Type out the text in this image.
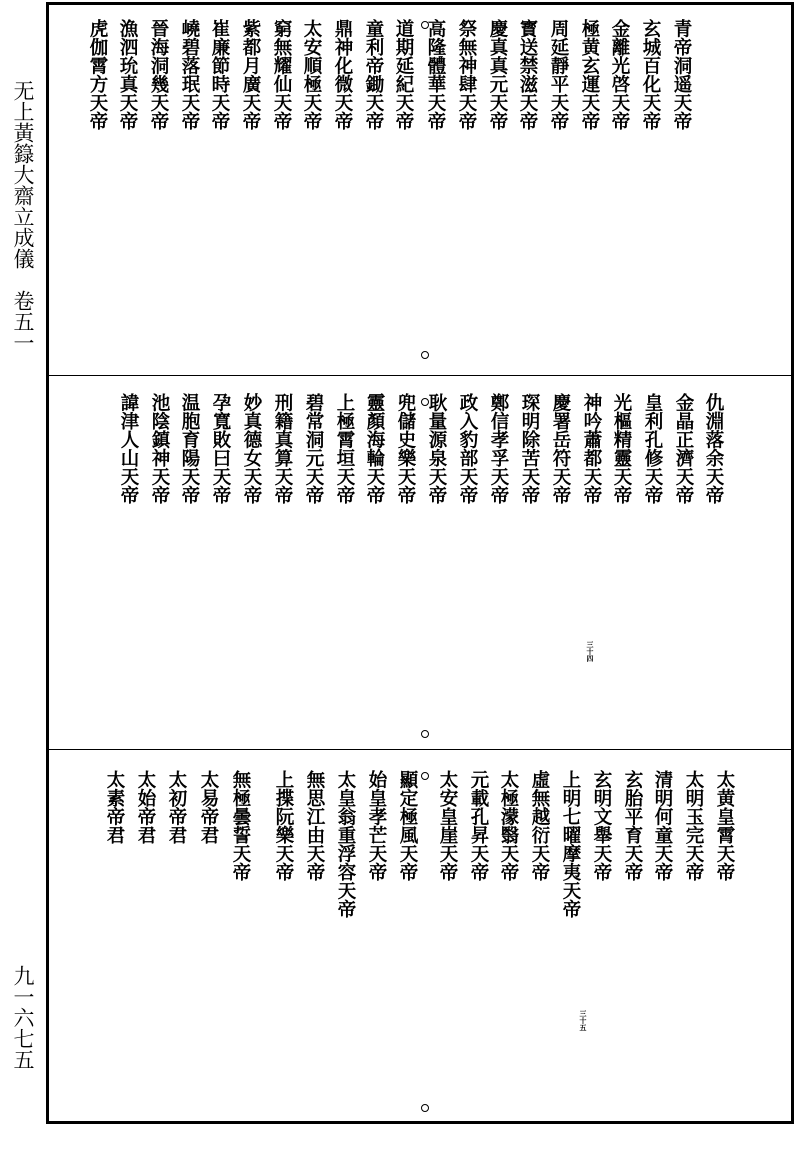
无上黃籙大齋立成儀　卷五一
九一六七五
青帝洞遥天帝
玄城百化天帝
金離光啓天帝
極黄玄運天帝
周延靜平天帝
寳送禁滋天帝
慶真真元天帝
祭無神肆天帝
高隆體華天帝
道期延紀天帝
童利帝鋤天帝
鼎神化微天帝
太安順極天帝
窮無耀仙天帝
紫都月廣天帝
崔廉節時天帝
嶢碧落珉天帝
晉海洞幾天帝
漁泗玧真天帝
虎伽霄方天帝
仇淵落余天帝
金晶正濟天帝
皇利孔修天帝
光樞精靈天帝
神吟蕭都天帝
慶署岳符天帝
琛明除苦天帝
鄭信孝孚天帝
政入豹部天帝
耿量源泉天帝
兜儲史樂天帝
靈顏海輪天帝
上極霄垣天帝
碧常洞元天帝
刑籍真算天帝
妙真德女天帝
孕寬敗曰天帝
温胞育陽天帝
池陰鎮神天帝
諱津人山天帝
三十四
太黄皇霄天帝
太明玉完天帝
清明何童天帝
玄胎平育天帝
玄明文舉天帝
上明七曜摩夷天帝
虛無越衍天帝
太極濛翳天帝
元載孔昇天帝
太安皇崖天帝
顯定極風天帝
始皇孝芒天帝
太皇翁重浮容天帝
無思江由天帝
上揲阮樂天帝
無極曇誓天帝
太易帝君
太初帝君
太始帝君
太素帝君
三十五
